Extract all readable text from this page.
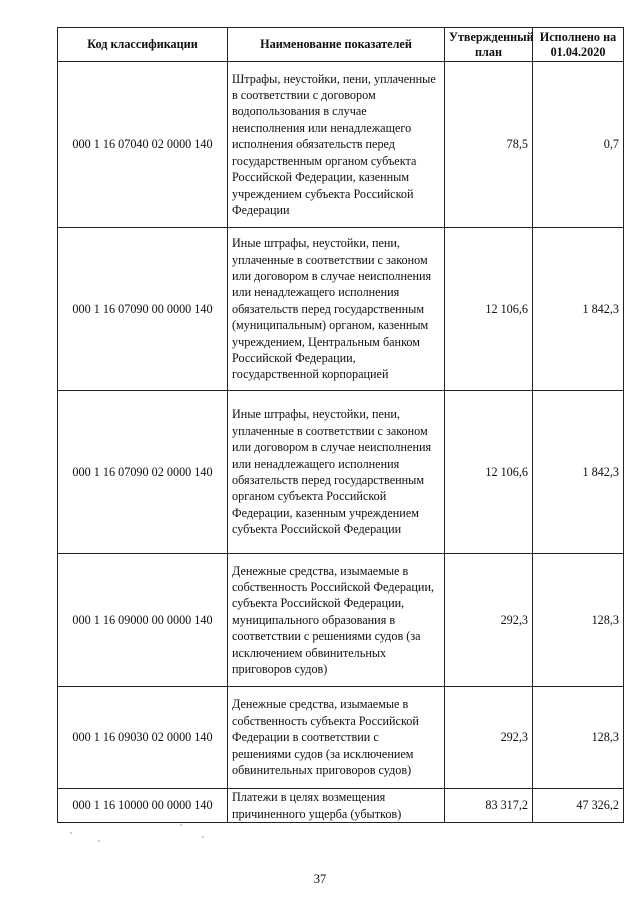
Код классификации	Наименование показателей	Утвержденный план	Исполнено на 01.04.2020
000 1 16 07040 02 0000 140	Штрафы, неустойки, пени, уплаченные в соответствии с договором водопользования в случае неисполнения или ненадлежащего исполнения обязательств перед государственным органом субъекта Российской Федерации, казенным учреждением субъекта Российской Федерации	78,5	0,7
000 1 16 07090 00 0000 140	Иные штрафы, неустойки, пени, уплаченные в соответствии с законом или договором в случае неисполнения или ненадлежащего исполнения обязательств перед государственным (муниципальным) органом, казенным учреждением, Центральным банком Российской Федерации, государственной корпорацией	12 106,6	1 842,3
000 1 16 07090 02 0000 140	Иные штрафы, неустойки, пени, уплаченные в соответствии с законом или договором в случае неисполнения или ненадлежащего исполнения обязательств перед государственным органом субъекта Российской Федерации, казенным учреждением субъекта Российской Федерации	12 106,6	1 842,3
000 1 16 09000 00 0000 140	Денежные средства, изымаемые в собственность Российской Федерации, субъекта Российской Федерации, муниципального образования в соответствии с решениями судов (за исключением обвинительных приговоров судов)	292,3	128,3
000 1 16 09030 02 0000 140	Денежные средства, изымаемые в собственность субъекта Российской Федерации в соответствии с решениями судов (за исключением обвинительных приговоров судов)	292,3	128,3
000 1 16 10000 00 0000 140	Платежи в целях возмещения причиненного ущерба (убытков)	83 317,2	47 326,2
37
